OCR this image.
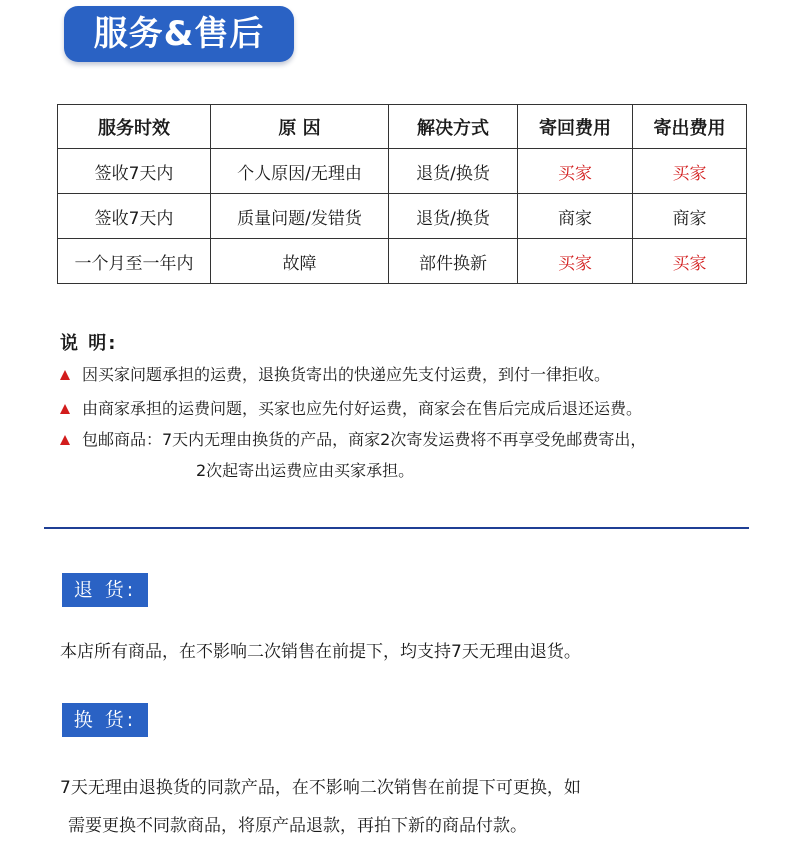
服务&售后
服务时效	原 因	解决方式	寄回费用	寄出费用
签收7天内	个人原因/无理由	退货/换货	买家	买家
签收7天内	质量问题/发错货	退货/换货	商家	商家
一个月至一年内	故障	部件换新	买家	买家
说 明:
因买家问题承担的运费，退换货寄出的快递应先支付运费，到付一律拒收。
由商家承担的运费问题，买家也应先付好运费，商家会在售后完成后退还运费。
包邮商品：7天内无理由换货的产品，商家2次寄发运费将不再享受免邮费寄出，
2次起寄出运费应由买家承担。
退 货:
本店所有商品，在不影响二次销售在前提下，均支持7天无理由退货。
换 货:
7天无理由退换货的同款产品，在不影响二次销售在前提下可更换，如
需要更换不同款商品，将原产品退款，再拍下新的商品付款。
